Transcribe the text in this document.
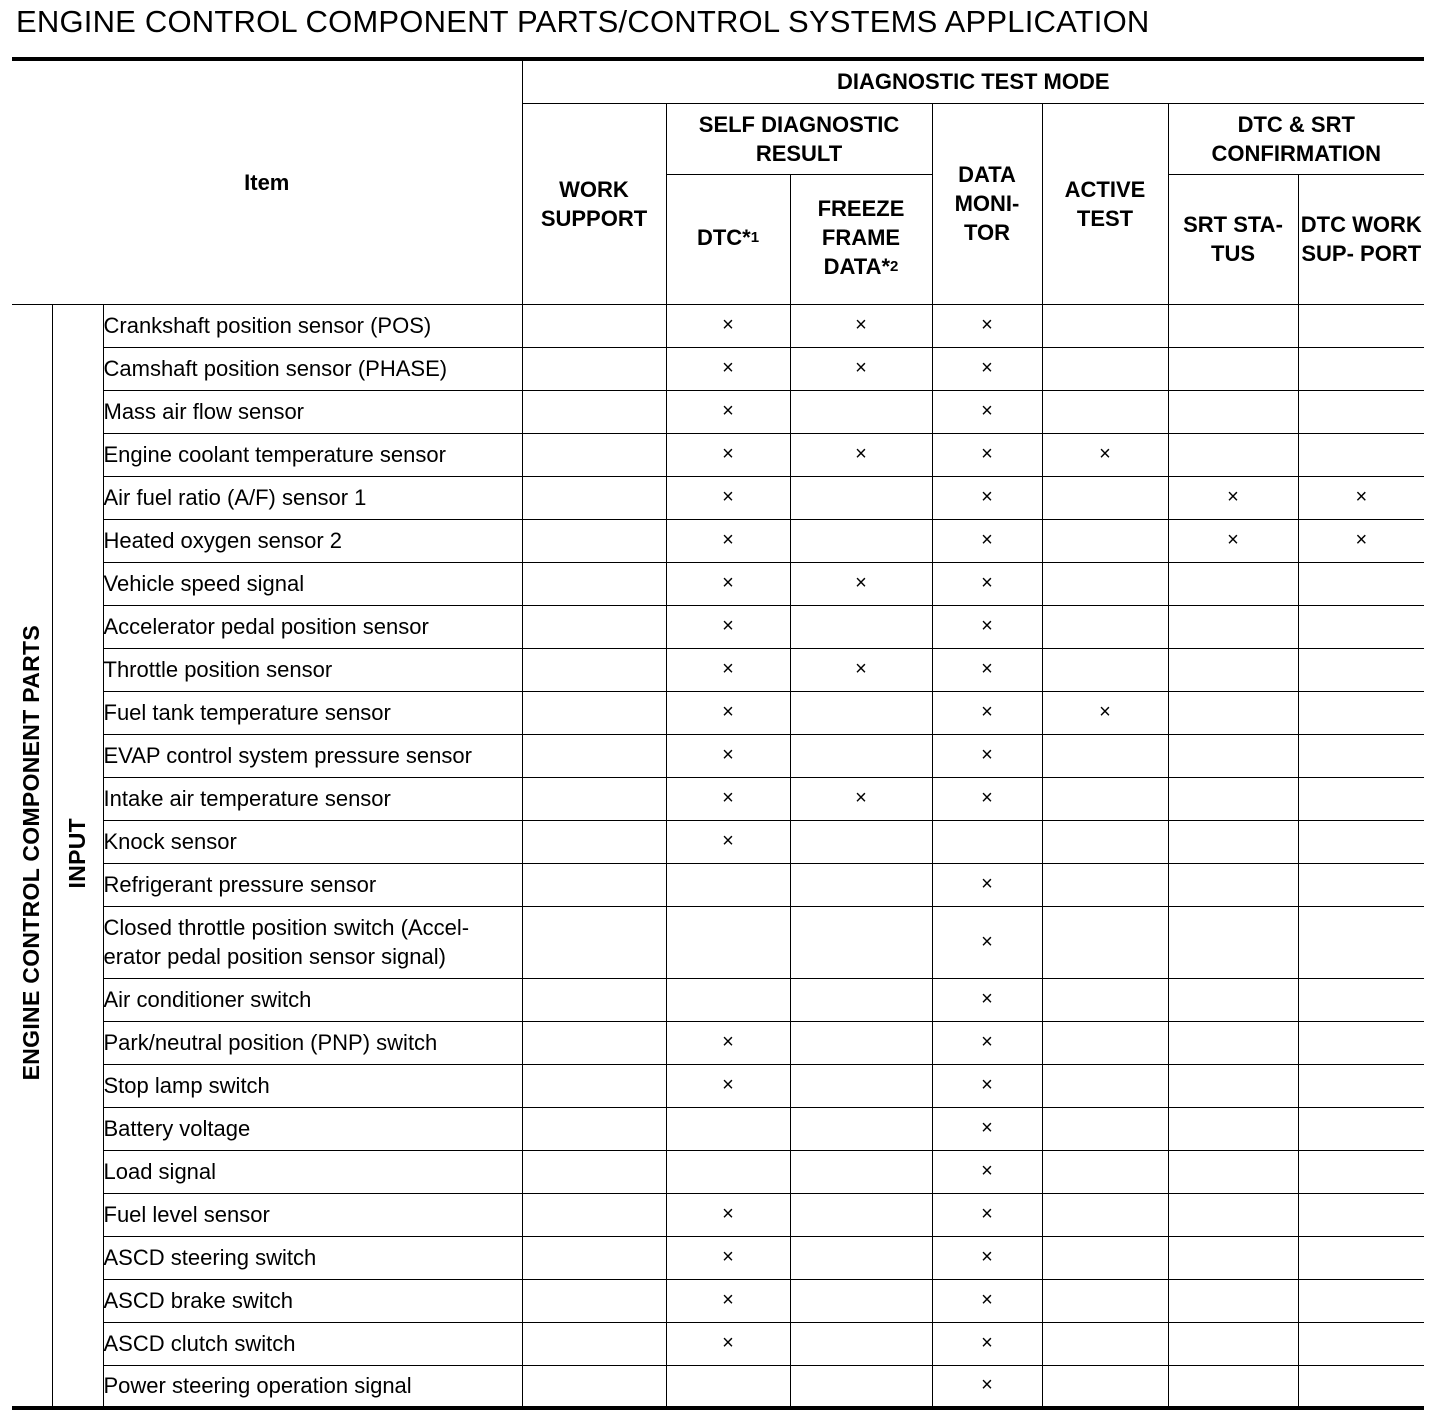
ENGINE CONTROL COMPONENT PARTS/CONTROL SYSTEMS APPLICATION
Item			DIAGNOSTIC TEST MODE						
			WORK SUPPORT	SELF DIAGNOSTIC RESULT		DATA MONI- TOR	ACTIVE TEST	DTC & SRT CONFIRMATION	
				DTC*$^1$	FREEZE FRAME DATA*$^2$			SRT STA- TUS	DTC WORK SUP- PORT
ENGINE CONTROL COMPONENT PARTS	INPUT	Crankshaft position sensor (POS)		×	×	×			
		Camshaft position sensor (PHASE)		×	×	×			
		Mass air flow sensor		×		×			
		Engine coolant temperature sensor		×	×	×	×		
		Air fuel ratio (A/F) sensor 1		×		×		×	×
		Heated oxygen sensor 2		×		×		×	×
		Vehicle speed signal		×	×	×			
		Accelerator pedal position sensor		×		×			
		Throttle position sensor		×	×	×			
		Fuel tank temperature sensor		×		×	×		
		EVAP control system pressure sensor		×		×			
		Intake air temperature sensor		×	×	×			
		Knock sensor		×					
		Refrigerant pressure sensor				×			
		Closed throttle position switch (Accel- erator pedal position sensor signal)				×			
		Air conditioner switch				×			
		Park/neutral position (PNP) switch		×		×			
		Stop lamp switch		×		×			
		Battery voltage				×			
		Load signal				×			
		Fuel level sensor		×		×			
		ASCD steering switch		×		×			
		ASCD brake switch		×		×			
		ASCD clutch switch		×		×			
		Power steering operation signal				×			
